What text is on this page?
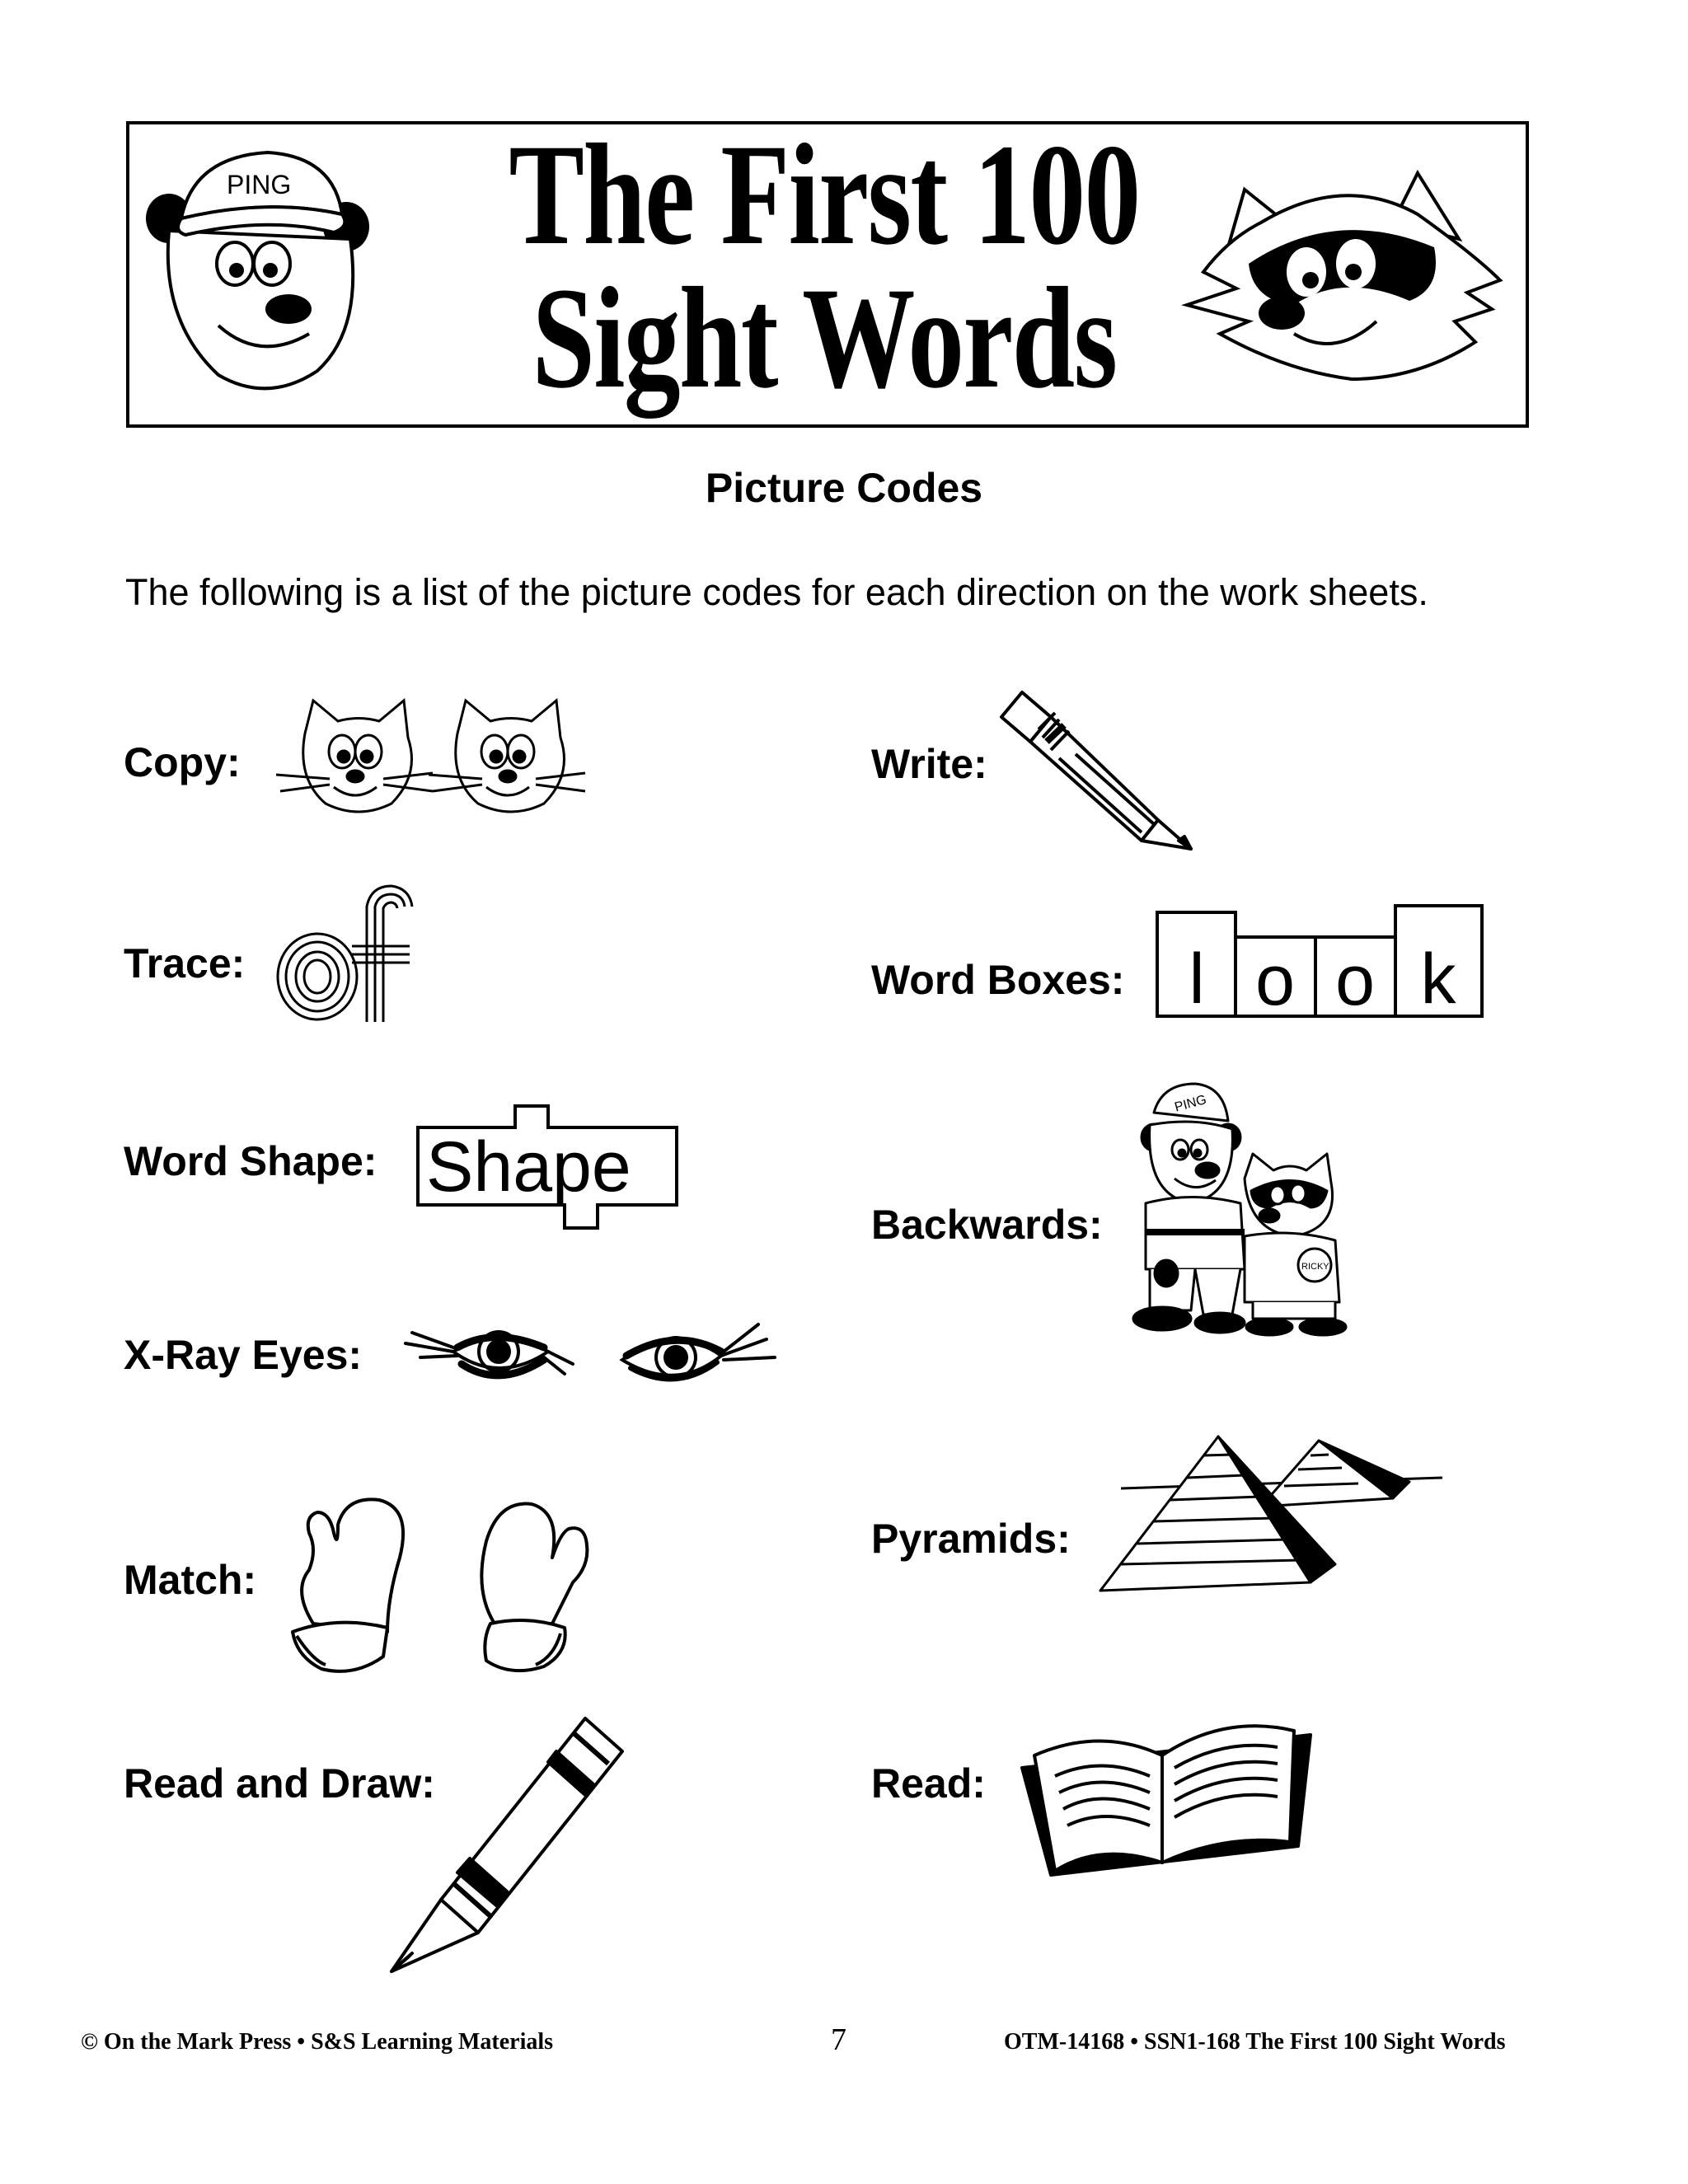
PING The First 100
Sight Words
Picture Codes
The following is a list of the picture codes for each direction on the work sheets.
Copy:	Write:
Trace:	Word Boxes: l o o k
Word Shape: Shape
Backwards:
PING
RICKY
X-Ray Eyes:
Pyramids:
Match:
Read and Draw:	Read:
© On the Mark Press • S&S Learning Materials	7	OTM-14168 • SSN1-168 The First 100 Sight Words
